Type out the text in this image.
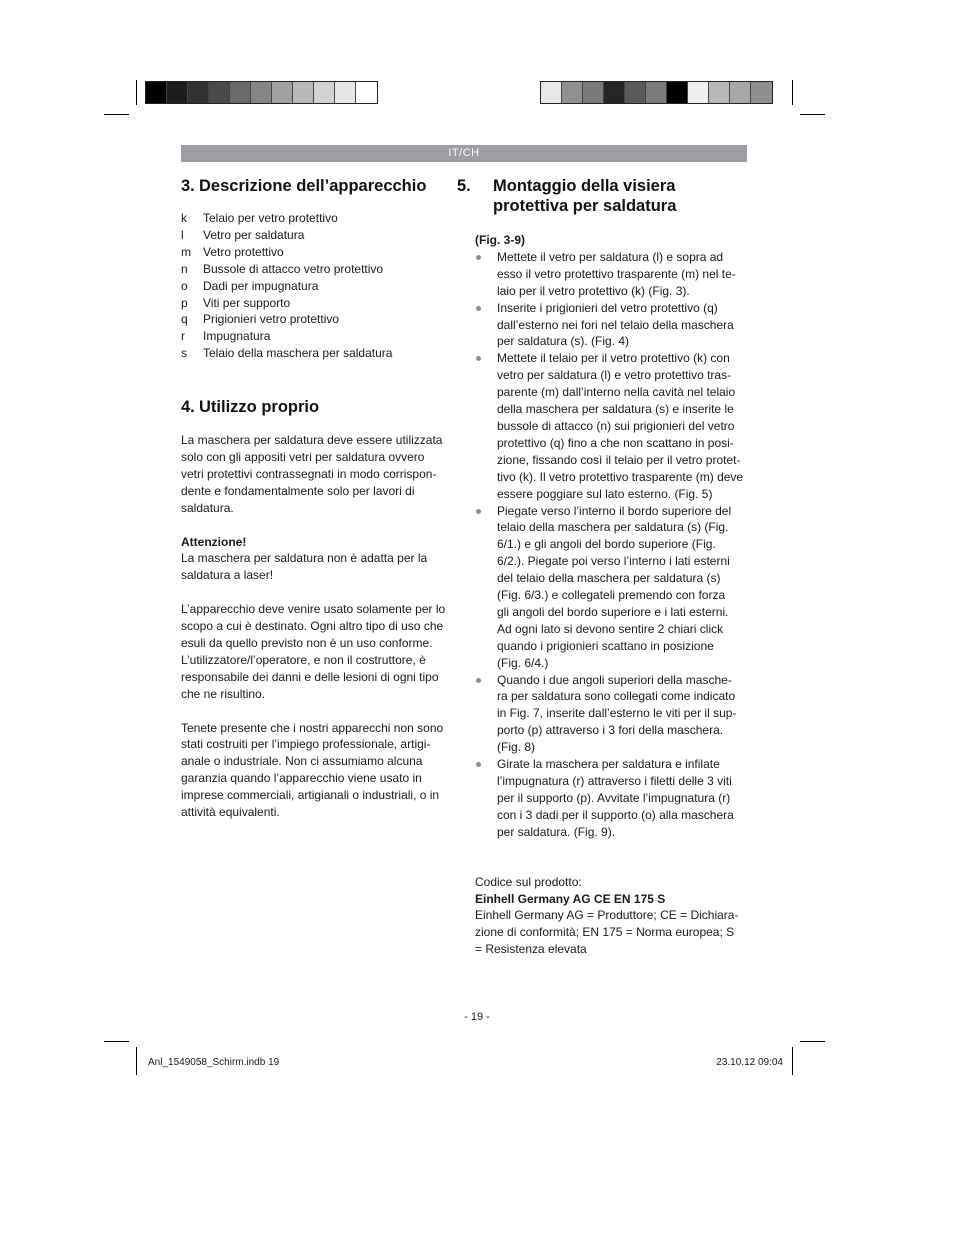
IT/CH
3. Descrizione dell’apparecchio
k	Telaio per vetro protettivo
l	Vetro per saldatura
m	Vetro protettivo
n	Bussole di attacco vetro protettivo
o	Dadi per impugnatura
p	Viti per supporto
q	Prigionieri vetro protettivo
r	Impugnatura
s	Telaio della maschera per saldatura
4. Utilizzo proprio

La maschera per saldatura deve essere utilizzata

solo con gli appositi vetri per saldatura ovvero

vetri protettivi contrassegnati in modo corrispon-

dente e fondamentalmente solo per lavori di

saldatura.

Attenzione!

La maschera per saldatura non è adatta per la

saldatura a laser!

L’apparecchio deve venire usato solamente per lo

scopo a cui è destinato. Ogni altro tipo di uso che

esuli da quello previsto non è un uso conforme.

L’utilizzatore/l’operatore, e non il costruttore, è

responsabile dei danni e delle lesioni di ogni tipo

che ne risultino.

Tenete presente che i nostri apparecchi non sono

stati costruiti per l’impiego professionale, artigi-

anale o industriale. Non ci assumiamo alcuna

garanzia quando l’apparecchio viene usato in

imprese commerciali, artigianali o industriali, o in

attività equivalenti.

5. Montaggio della visiera
protettiva per saldatura

(Fig. 3-9)

Mettete il vetro per saldatura (l) e sopra ad
esso il vetro protettivo trasparente (m) nel te-
laio per il vetro protettivo (k) (Fig. 3).
Inserite i prigionieri del vetro protettivo (q)
dall’esterno nei fori nel telaio della maschera
per saldatura (s). (Fig. 4)
Mettete il telaio per il vetro protettivo (k) con
vetro per saldatura (l) e vetro protettivo tras-
parente (m) dall’interno nella cavità nel telaio
della maschera per saldatura (s) e inserite le
bussole di attacco (n) sui prigionieri del vetro
protettivo (q) fino a che non scattano in posi-
zione, fissando così il telaio per il vetro protet-
tivo (k). Il vetro protettivo trasparente (m) deve
essere poggiare sul lato esterno. (Fig. 5)
Piegate verso l’interno il bordo superiore del
telaio della maschera per saldatura (s) (Fig.
6/1.) e gli angoli del bordo superiore (Fig.
6/2.). Piegate poi verso l’interno i lati esterni
del telaio della maschera per saldatura (s)
(Fig. 6/3.) e collegateli premendo con forza
gli angoli del bordo superiore e i lati esterni.
Ad ogni lato si devono sentire 2 chiari click
quando i prigionieri scattano in posizione
(Fig. 6/4.)
Quando i due angoli superiori della masche-
ra per saldatura sono collegati come indicato
in Fig. 7, inserite dall’esterno le viti per il sup-
porto (p) attraverso i 3 fori della maschera.
(Fig. 8)
Girate la maschera per saldatura e infilate
l’impugnatura (r) attraverso i filetti delle 3 viti
per il supporto (p). Avvitate l’impugnatura (r)
con i 3 dadi per il supporto (o) alla maschera
per saldatura. (Fig. 9).

Codice sul prodotto:

Einhell Germany AG CE EN 175 S

Einhell Germany AG = Produttore; CE = Dichiara-

zione di conformità; EN 175 = Norma europea; S

= Resistenza elevata

- 19 -
Anl_1549058_Schirm.indb 19	23.10.12 09:04
